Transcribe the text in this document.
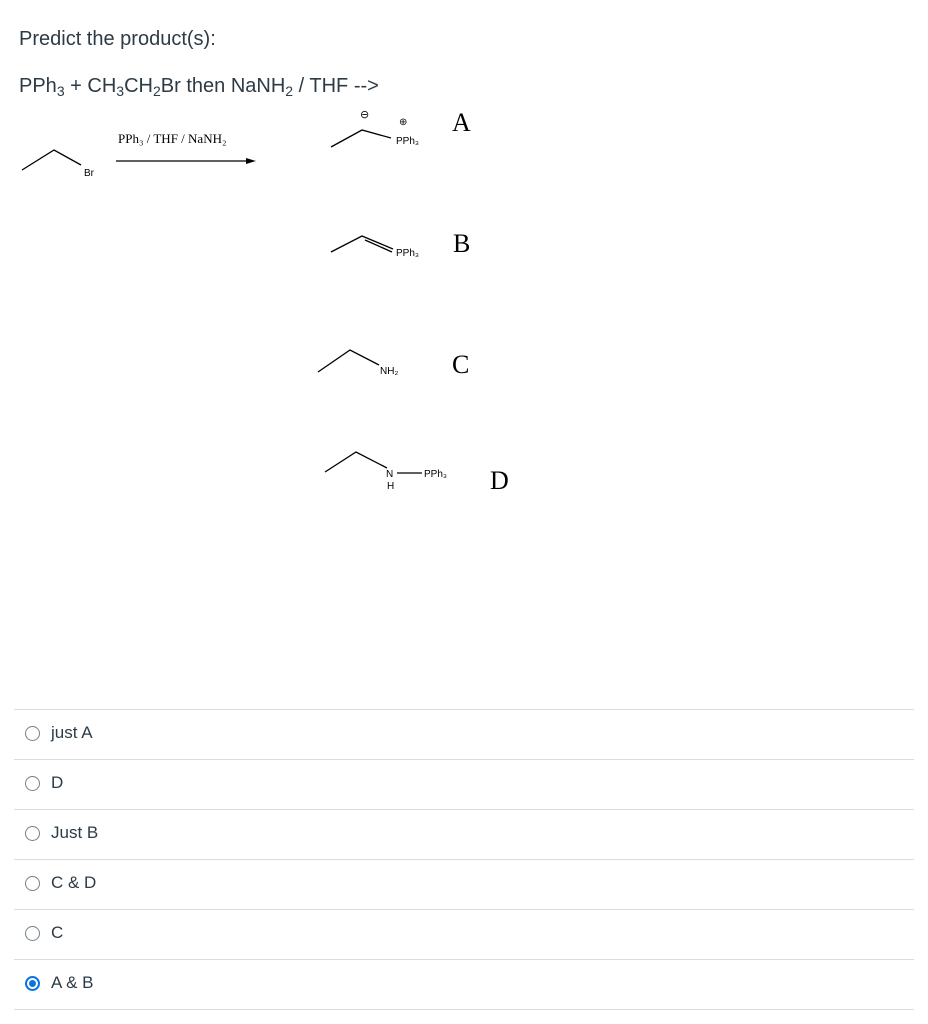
Predict the product(s):
$PPh_3 + CH_3CH_2Br$ then NaNH$_2$ / THF -->
Br
PPh₃ / THF / NaNH₂
⊖
⊕
PPh₃
A
PPh₃ B
NH₂ C
N
H
PPh₃ D
just A
D
Just B
C & D
C
A & B
